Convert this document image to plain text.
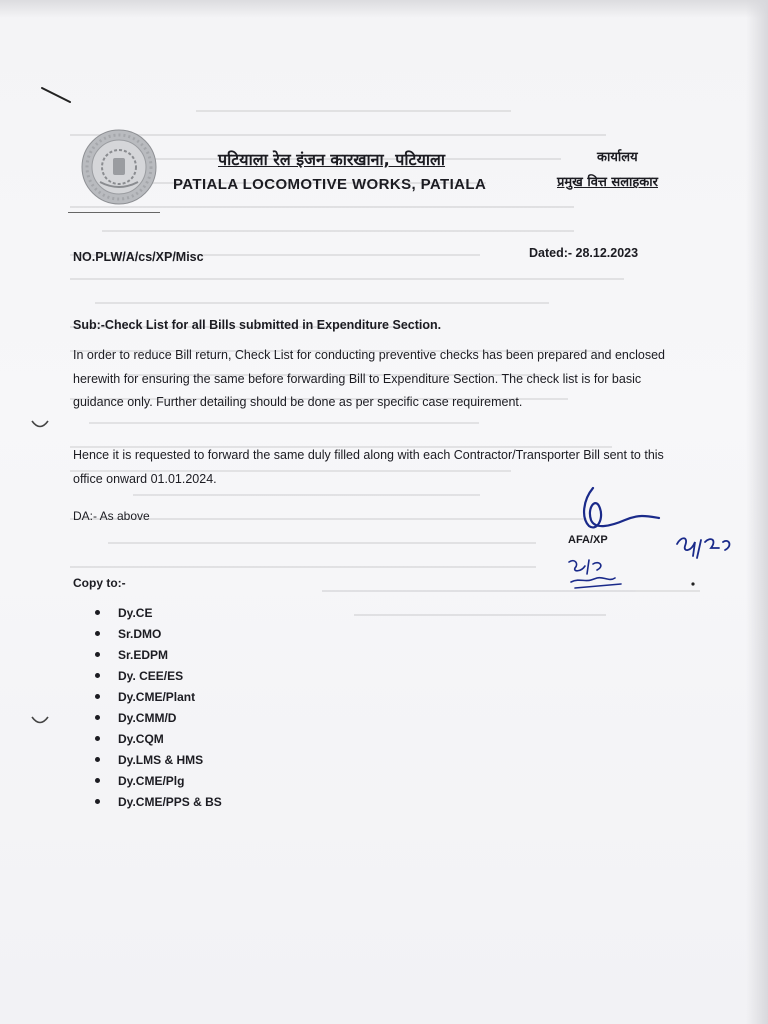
पटियाला रेल इंजन कारखाना, पटियाला
PATIALA LOCOMOTIVE WORKS, PATIALA
कार्यालय
प्रमुख वित्त सलाहकार
NO.PLW/A/cs/XP/Misc	Dated:- 28.12.2023
Sub:-Check List for all Bills submitted in Expenditure Section.
In order to reduce Bill return, Check List for conducting preventive checks has been prepared and enclosed herewith for ensuring the same before forwarding Bill to Expenditure Section. The check list is for basic guidance only. Further detailing should be done as per specific case requirement.
Hence it is requested to forward the same duly filled along with each Contractor/Transporter Bill sent to this office onward 01.01.2024.
DA:- As above
AFA/XP
Copy to:-
Dy.CE
Sr.DMO
Sr.EDPM
Dy. CEE/ES
Dy.CME/Plant
Dy.CMM/D
Dy.CQM
Dy.LMS & HMS
Dy.CME/Plg
Dy.CME/PPS & BS
